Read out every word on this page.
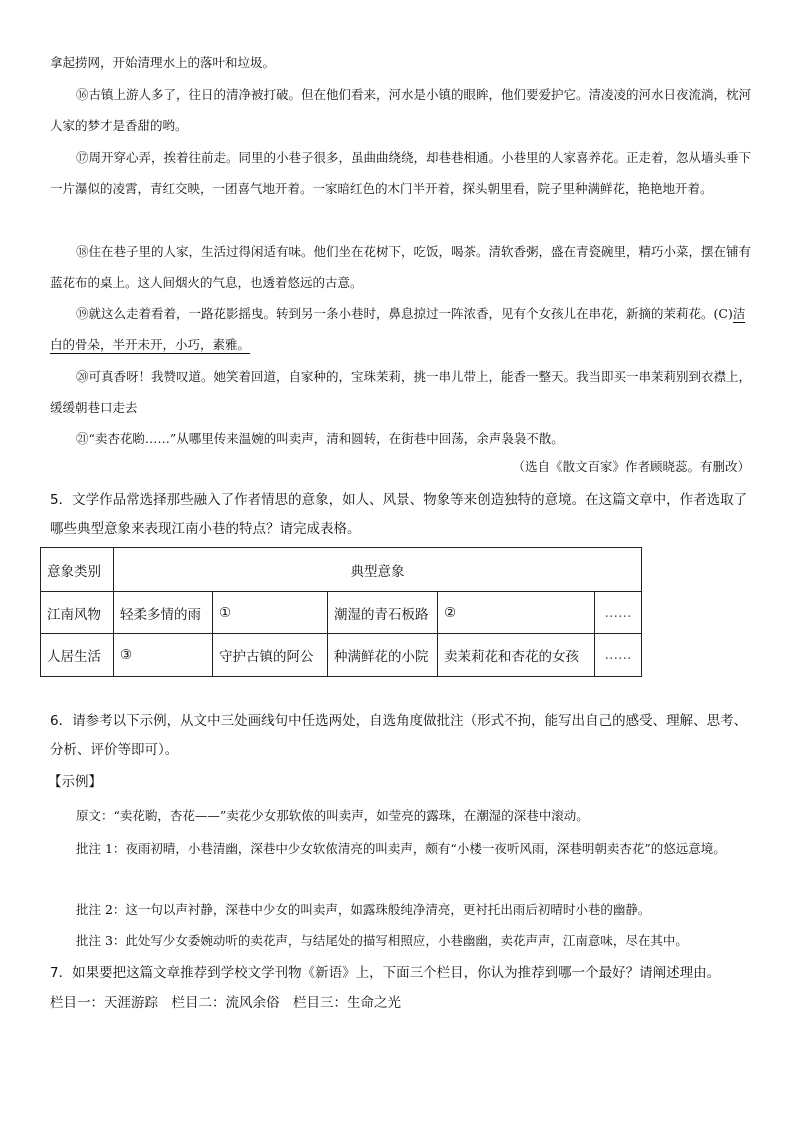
拿起捞网，开始清理水上的落叶和垃圾。

⑯古镇上游人多了，往日的清净被打破。但在他们看来，河水是小镇的眼眸，他们要爱护它。清凌凌的河水日夜流淌，枕河人家的梦才是香甜的哟。

⑰周开穿心弄，挨着往前走。同里的小巷子很多，虽曲曲绕绕，却巷巷相通。小巷里的人家喜养花。正走着，忽从墙头垂下一片瀑似的凌霄，青红交映，一团喜气地开着。一家暗红色的木门半开着，探头朝里看，院子里种满鲜花，艳艳地开着。

⑱住在巷子里的人家，生活过得闲适有味。他们坐在花树下，吃饭，喝茶。清软香粥，盛在青瓷碗里，精巧小菜，摆在铺有蓝花布的桌上。这人间烟火的气息，也透着悠远的古意。

⑲就这么走着看着，一路花影摇曳。转到另一条小巷时，鼻息掠过一阵浓香，见有个女孩儿在串花，新摘的茉莉花。(C)洁白的骨朵，半开未开，小巧，素雅。

⑳可真香呀！我赞叹道。她笑着回道，自家种的，宝珠茉莉，挑一串儿带上，能香一整天。我当即买一串茉莉别到衣襟上，缓缓朝巷口走去

㉑“卖杏花喲……”从哪里传来温婉的叫卖声，清和圆转，在街巷中回荡，余声袅袅不散。

（选自《散文百家》作者顾晓蕊。有删改）

5．文学作品常选择那些融入了作者情思的意象，如人、风景、物象等来创造独特的意境。在这篇文章中，作者选取了哪些典型意象来表现江南小巷的特点？请完成表格。

意象类别	典型意象				
江南风物	轻柔多情的雨	①	潮湿的青石板路	②	……
人居生活	③	守护古镇的阿公	种满鲜花的小院	卖茉莉花和杏花的女孩	……

6．请参考以下示例，从文中三处画线句中任选两处，自选角度做批注（形式不拘，能写出自己的感受、理解、思考、分析、评价等即可）。

【示例】

原文：“卖花喲，杏花——”卖花少女那软侬的叫卖声，如莹亮的露珠，在潮湿的深巷中滚动。

批注 1：夜雨初晴，小巷清幽，深巷中少女软侬清亮的叫卖声，颇有“小楼一夜听风雨，深巷明朝卖杏花”的悠远意境。

批注 2：这一句以声衬静，深巷中少女的叫卖声，如露珠般纯净清亮，更衬托出雨后初晴时小巷的幽静。

批注 3：此处写少女委婉动听的卖花声，与结尾处的描写相照应，小巷幽幽，卖花声声，江南意味，尽在其中。

7．如果要把这篇文章推荐到学校文学刊物《新语》上，下面三个栏目，你认为推荐到哪一个最好？请阐述理由。

栏目一：天涯游踪　栏目二：流风余俗　栏目三：生命之光
